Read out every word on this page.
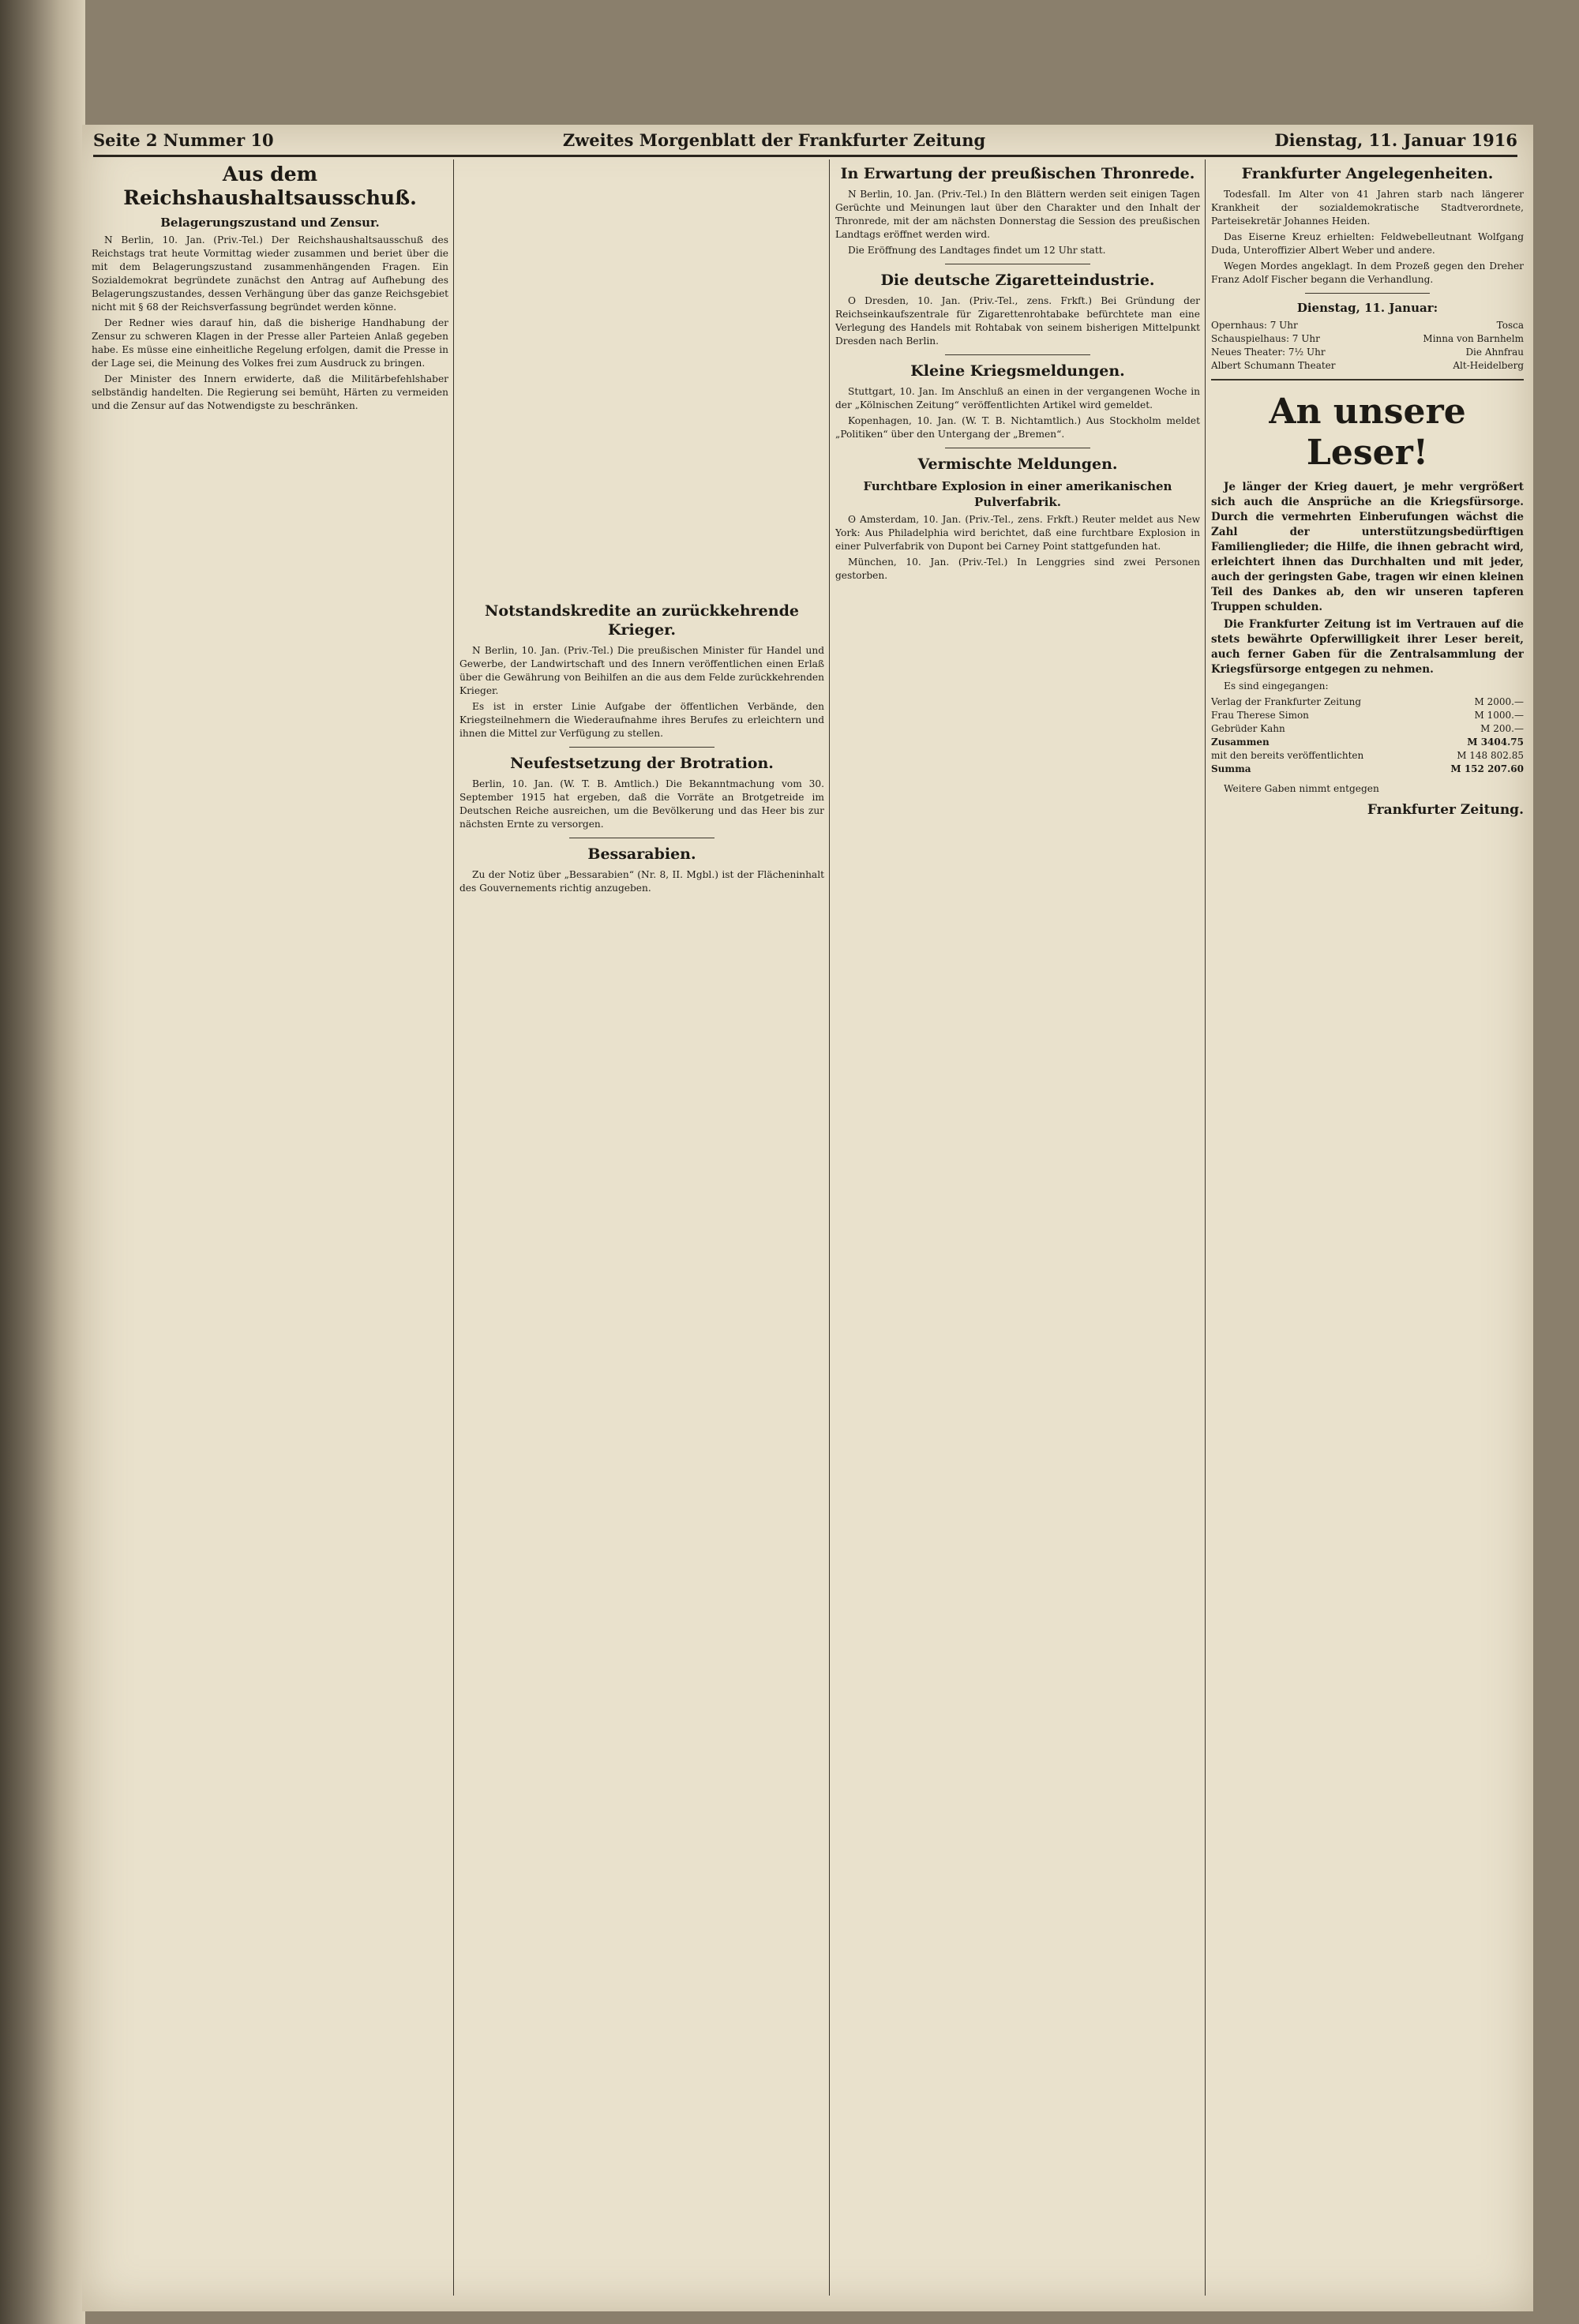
Seite 2 Nummer 10	Zweites Morgenblatt der Frankfurter Zeitung	Dienstag, 11. Januar 1916
Aus dem Reichshaushaltsausschuß.
Belagerungszustand und Zensur.

N Berlin, 10. Jan. (Priv.-Tel.) Der Reichshaushaltsausschuß des Reichstags trat heute Vormittag wieder zusammen und beriet über die mit dem Belagerungszustand zusammenhängenden Fragen. Ein Sozialdemokrat begründete zunächst den Antrag auf Aufhebung des Belagerungszustandes, dessen Verhängung über das ganze Reichsgebiet nicht mit § 68 der Reichsverfassung begründet werden könne.

Der Redner wies darauf hin, daß die bisherige Handhabung der Zensur zu schweren Klagen in der Presse aller Parteien Anlaß gegeben habe. Es müsse eine einheitliche Regelung erfolgen, damit die Presse in der Lage sei, die Meinung des Volkes frei zum Ausdruck zu bringen.

Der Minister des Innern erwiderte, daß die Militärbefehlshaber selbständig handelten. Die Regierung sei bemüht, Härten zu vermeiden und die Zensur auf das Notwendigste zu beschränken.

Notstandskredite an zurückkehrende Krieger.

N Berlin, 10. Jan. (Priv.-Tel.) Die preußischen Minister für Handel und Gewerbe, der Landwirtschaft und des Innern veröffentlichen einen Erlaß über die Gewährung von Beihilfen an die aus dem Felde zurückkehrenden Krieger.

Es ist in erster Linie Aufgabe der öffentlichen Verbände, den Kriegsteilnehmern die Wiederaufnahme ihres Berufes zu erleichtern und ihnen die Mittel zur Verfügung zu stellen.

Neufestsetzung der Brotration.

Berlin, 10. Jan. (W. T. B. Amtlich.) Die Bekanntmachung vom 30. September 1915 hat ergeben, daß die Vorräte an Brotgetreide im Deutschen Reiche ausreichen, um die Bevölkerung und das Heer bis zur nächsten Ernte zu versorgen.

Bessarabien.

Zu der Notiz über „Bessarabien“ (Nr. 8, II. Mgbl.) ist der Flächeninhalt des Gouvernements richtig anzugeben.

In Erwartung der preußischen Thronrede.

N Berlin, 10. Jan. (Priv.-Tel.) In den Blättern werden seit einigen Tagen Gerüchte und Meinungen laut über den Charakter und den Inhalt der Thronrede, mit der am nächsten Donnerstag die Session des preußischen Landtags eröffnet werden wird.

Die Eröffnung des Landtages findet um 12 Uhr statt.

Die deutsche Zigaretteindustrie.

O Dresden, 10. Jan. (Priv.-Tel., zens. Frkft.) Bei Gründung der Reichseinkaufszentrale für Zigarettenrohtabake befürchtete man eine Verlegung des Handels mit Rohtabak von seinem bisherigen Mittelpunkt Dresden nach Berlin.

Kleine Kriegsmeldungen.

Stuttgart, 10. Jan. Im Anschluß an einen in der vergangenen Woche in der „Kölnischen Zeitung“ veröffentlichten Artikel wird gemeldet.

Kopenhagen, 10. Jan. (W. T. B. Nichtamtlich.) Aus Stockholm meldet „Politiken“ über den Untergang der „Bremen“.

Vermischte Meldungen.
Furchtbare Explosion in einer amerikanischen Pulverfabrik.

ʘ Amsterdam, 10. Jan. (Priv.-Tel., zens. Frkft.) Reuter meldet aus New York: Aus Philadelphia wird berichtet, daß eine furchtbare Explosion in einer Pulverfabrik von Dupont bei Carney Point stattgefunden hat.

München, 10. Jan. (Priv.-Tel.) In Lenggries sind zwei Personen gestorben.

Frankfurter Angelegenheiten.

Todesfall. Im Alter von 41 Jahren starb nach längerer Krankheit der sozialdemokratische Stadtverordnete, Parteisekretär Johannes Heiden.

Das Eiserne Kreuz erhielten: Feldwebelleutnant Wolfgang Duda, Unteroffizier Albert Weber und andere.

Wegen Mordes angeklagt. In dem Prozeß gegen den Dreher Franz Adolf Fischer begann die Verhandlung.

Dienstag, 11. Januar:
Opernhaus: 7 Uhr	Tosca
Schauspielhaus: 7 Uhr	Minna von Barnhelm
Neues Theater: 7½ Uhr	Die Ahnfrau
Albert Schumann Theater	Alt-Heidelberg
An unsere Leser!

Je länger der Krieg dauert, je mehr vergrößert sich auch die Ansprüche an die Kriegsfürsorge. Durch die vermehrten Einberufungen wächst die Zahl der unterstützungsbedürftigen Familienglieder; die Hilfe, die ihnen gebracht wird, erleichtert ihnen das Durchhalten und mit jeder, auch der geringsten Gabe, tragen wir einen kleinen Teil des Dankes ab, den wir unseren tapferen Truppen schulden.

Die Frankfurter Zeitung ist im Vertrauen auf die stets bewährte Opferwilligkeit ihrer Leser bereit, auch ferner Gaben für die Zentralsammlung der Kriegsfürsorge entgegen zu nehmen.

Es sind eingegangen:

Verlag der Frankfurter Zeitung	M 2000.—
Frau Therese Simon	M 1000.—
Gebrüder Kahn	M 200.—
Zusammen	M 3404.75
mit den bereits veröffentlichten	M 148 802.85
Summa	M 152 207.60

Weitere Gaben nimmt entgegen

Frankfurter Zeitung.
